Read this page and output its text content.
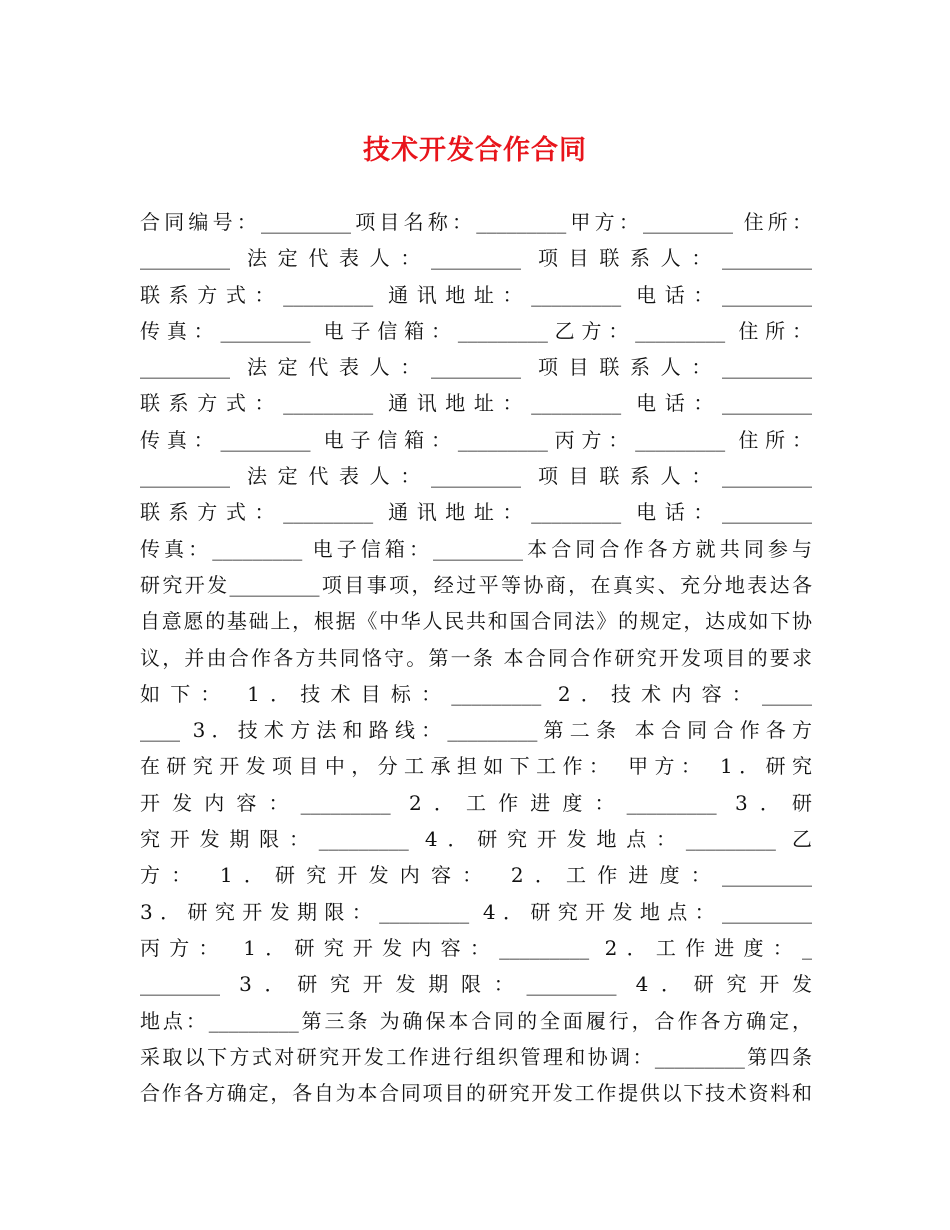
技术开发合作合同
合同编号：_________项目名称：_________甲方：_________ 住所：
_________ 法定代表人：_________ 项目联系人：_________
联系方式：_________ 通讯地址：_________ 电话：_________
传真：_________ 电子信箱：_________乙方：_________ 住所：
_________ 法定代表人：_________ 项目联系人：_________
联系方式：_________ 通讯地址：_________ 电话：_________
传真：_________ 电子信箱：_________丙方：_________ 住所：
_________ 法定代表人：_________ 项目联系人：_________
联系方式：_________ 通讯地址：_________ 电话：_________
传真：_________ 电子信箱：_________本合同合作各方就共同参与
研究开发_________项目事项，经过平等协商，在真实、充分地表达各
自意愿的基础上，根据《中华人民共和国合同法》的规定，达成如下协
议，并由合作各方共同恪守。第一条 本合同合作研究开发项目的要求
如下： 1．技术目标：_________ 2．技术内容：_____
____ 3．技术方法和路线：_________第二条 本合同合作各方
在研究开发项目中，分工承担如下工作： 甲方： 1．研究
开发内容：_________ 2．工作进度：_________ 3．研
究开发期限：_________ 4．研究开发地点：_________ 乙
方： 1．研究开发内容： 2．工作进度：_________
3．研究开发期限：_________ 4．研究开发地点：_________
丙方： 1．研究开发内容：_________ 2．工作进度：_
________ 3．研究开发期限：_________ 4．研究开发
地点：_________第三条 为确保本合同的全面履行，合作各方确定，
采取以下方式对研究开发工作进行组织管理和协调：_________第四条
合作各方确定，各自为本合同项目的研究开发工作提供以下技术资料和
